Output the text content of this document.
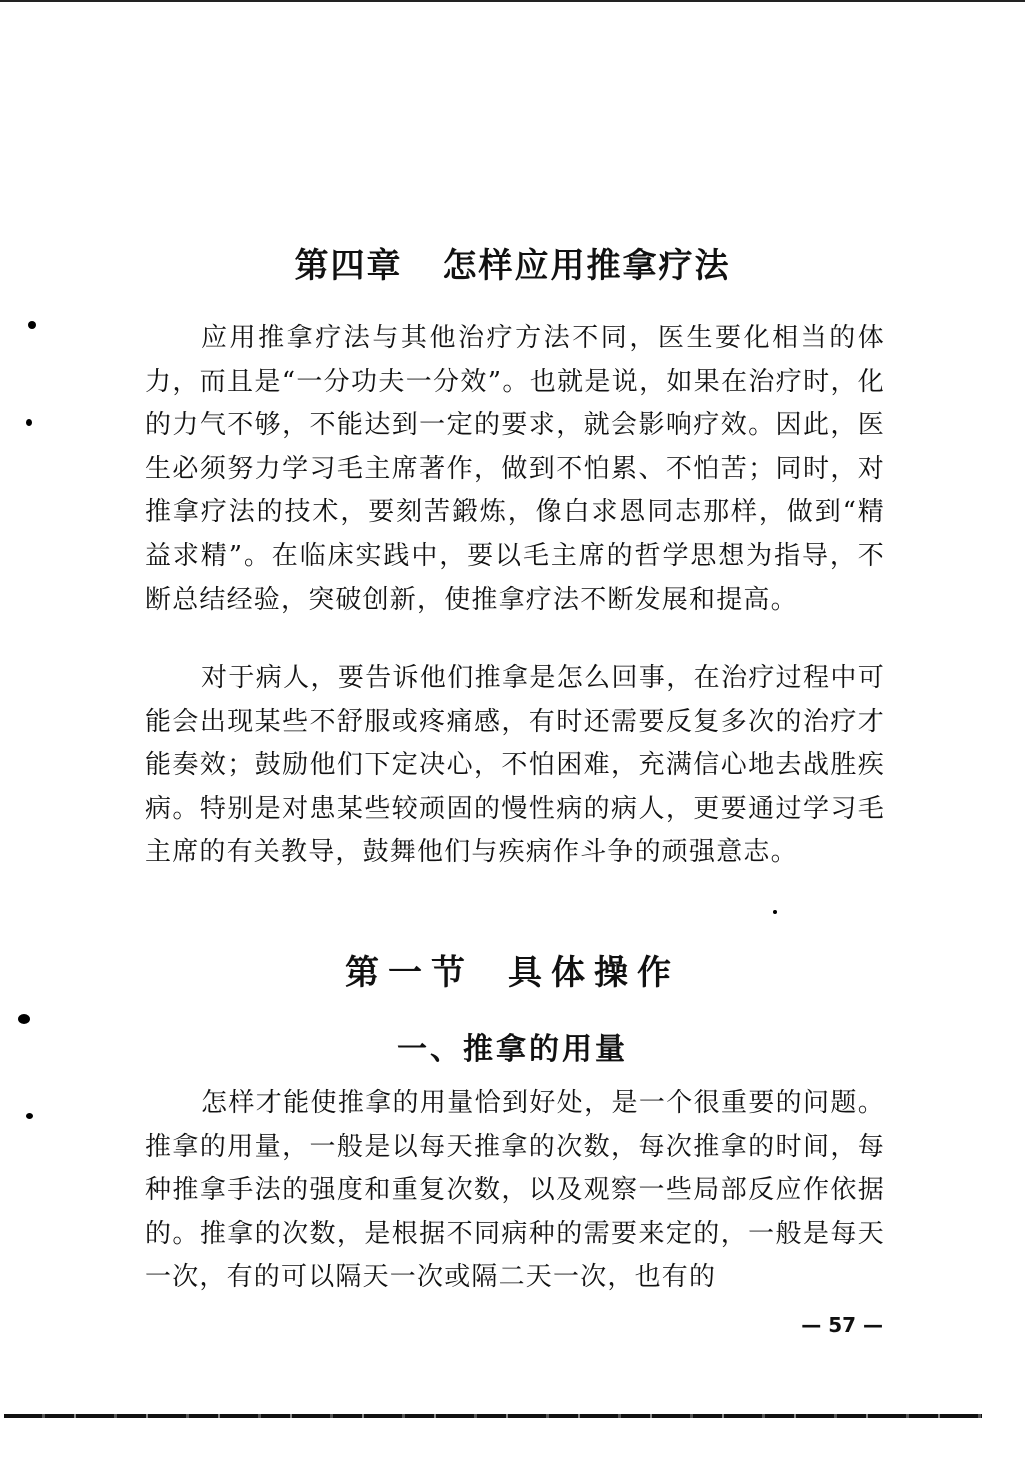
第四章 怎样应用推拿疗法

应用推拿疗法与其他治疗方法不同，医生要化相当的体力，而且是“一分功夫一分效”。也就是说，如果在治疗时，化的力气不够，不能达到一定的要求，就会影响疗效。因此，医生必须努力学习毛主席著作，做到不怕累、不怕苦；同时，对推拿疗法的技术，要刻苦鍛炼，像白求恩同志那样，做到“精益求精”。在临床实践中，要以毛主席的哲学思想为指导，不断总结经验，突破创新，使推拿疗法不断发展和提高。

对于病人，要告诉他们推拿是怎么回事，在治疗过程中可能会出现某些不舒服或疼痛感，有时还需要反复多次的治疗才能奏效；鼓励他们下定决心，不怕困难，充满信心地去战胜疾病。特别是对患某些较顽固的慢性病的病人，更要通过学习毛主席的有关教导，鼓舞他们与疾病作斗争的顽强意志。

第一节 具体操作
一、推拿的用量

怎样才能使推拿的用量恰到好处，是一个很重要的问题。推拿的用量，一般是以每天推拿的次数，每次推拿的时间，每种推拿手法的强度和重复次数，以及观察一些局部反应作依据的。推拿的次数，是根据不同病种的需要来定的，一般是每天一次，有的可以隔天一次或隔二天一次，也有的

— 57 —
